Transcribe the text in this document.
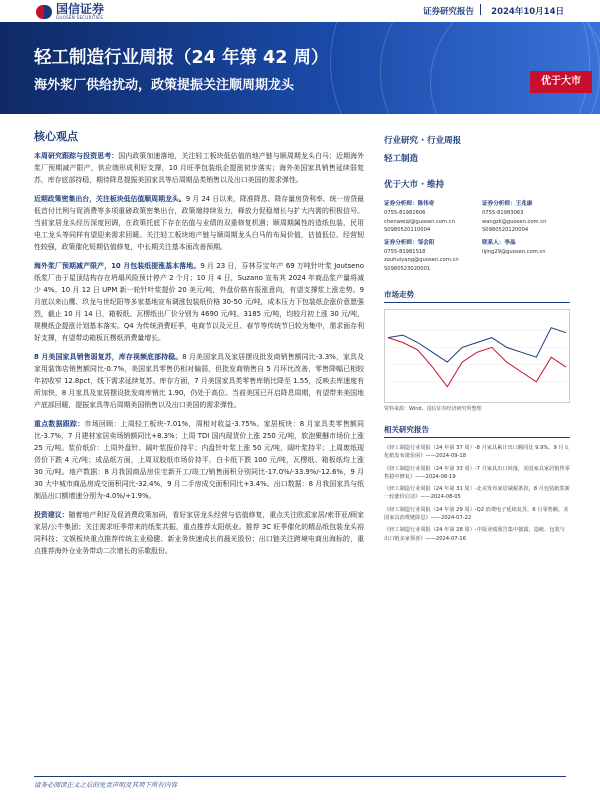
国信证券
GUOSEN SECURITIES
证券研究报告 2024年10月14日
轻工制造行业周报（24 年第 42 周）
海外浆厂供给扰动，政策提振关注顺周期龙头	优于大市
核心观点
本周研究跟踪与投资思考：国内政策加速落地，关注轻工板块低估值的地产链与顺周期龙头白马；近期海外浆厂预期减产限产，供应端形成利好支撑，10 月旺季包装纸企提涨初步落实；海外美国家具销售延续弱复苏，库存底部持稳，期待降息提振美国家具等后周期品类销售以及出口美国的需求弹性。
近期政策密集出台，关注板块低估值顺周期龙头。9 月 24 日以来，降准降息、降存量房贷利率、统一房贷最低首付比例与促消费等多项重磅政策密集出台，政策端持续发力，释放力促稳增长与扩大内需的积极信号。当前家居龙头经历深度回调，在政策托底下存在估值与业绩的双重修复机遇；顺周期属性的造纸包装、民用电工龙头等同样有望迎来需求回暖。关注轻工板块地产链与顺周期龙头白马的布局价值，估值低位、经营韧性较强，政策催化短期估值修复，中长期关注基本面改善预期。
海外浆厂预期减产限产，10 月包装纸提涨基本落地。9 月 23 日，芬林芬宝年产 69 万吨针叶浆 Joutseno 纸浆厂由于屋顶结构存在坍塌风险预计停产 2 个月；10 月 4 日，Suzano 宣布其 2024 年商品浆产量将减少 4%。10 月 12 日 UPM 新一轮针叶浆提价 20 美元/吨，外盘价格有报涨意向，有望支撑浆上涨走势。9 月底以来山鹰、玖龙与世纪阳等多家基地宣布调涨包装纸价格 30-50 元/吨，成本压力下包装纸企涨价意愿强烈，截止 10 月 14 日，箱板纸、瓦楞纸出厂价分别为 4690 元/吨、3185 元/吨，均较月初上涨 30 元/吨，规模纸企提涨计划基本落实。Q4 为传统消费旺季，电商节以及元旦、春节等传统节日较为集中，需求面存利好支撑，有望带动箱板瓦楞纸消费量增长。
8 月美国家具销售弱复苏，库存视频底部持稳。8 月美国家具及家居摆设批发商销售额同比-3.3%，家具及家用装饰店销售额同比-0.7%，美国家具零售仍相对偏弱，但批发商销售自 5 月环比改善，零售降幅已相较年初收窄 12.8pct，线下需求延续复苏。库存方面，7 月美国家具类零售库销比降至 1.55，反映去库速度有所加快，8 月家具及家居摆设批发商库销比 1.90，仍处于高位。当前美国已开启降息周期，有望带来美国地产底部回暖，提振家具等后周期美国销售以及出口美国的需求弹性。
重点数据跟踪：市场回顾：上周轻工板块-7.01%，周相对收益-3.75%。家居板块：8 月家具类零售额同比-3.7%，7 月建材家居卖场销额同比+8.3%；上周 TDI 国内现货价上涨 250 元/吨，软泡聚醚市场价上涨 25 元/吨。浆价纸价：上周外盘针、阔叶浆报价持平；内盘针叶浆上涨 50 元/吨，阔叶浆持平；上周废纸现货价下跌 4 元/吨；成品纸方面，上周双胶纸市场价持平，白卡纸下跌 100 元/吨，瓦楞纸、箱板纸均上涨 30 元/吨。地产数据：8 月我国商品房住宅新开工/竣工/销售面积分别同比-17.0%/-33.9%/-12.6%，9 月 30 大中城市商品房成交面积同比-32.4%，9 月二手房成交面积同比+3.4%。出口数据：8 月我国家具与纸制品出口额增速分别为-4.0%/+1.9%。
投资建议：随着地产利好及促消费政策加码，看好家居龙头经营与估值修复，重点关注欧派家居/索菲亚/顾家家居/公牛集团；关注需求旺季带来的纸浆共振，重点推荐太阳纸业。推荐 3C 旺季催化的精品纸包装龙头裕同科技；文娱板块重点推荐传统主业稳健、新业务快速成长的晨光股份；出口链关注跨境电商出海标的，重点推荐海外仓业务带动二次增长的乐歌股份。
行业研究 · 行业周报
轻工制造
优于大市 · 维持
证券分析师：陈伟奇
0755-81982606
chenweiqi@guosen.com.cn
S0980520110004
证券分析师：王兆康
0755-81983063
wangzk@guosen.com.cn
S0980520120004
证券分析师：邹会阳
0755-81981518
zouhuiyang@guosen.com.cn
S0980523020001
联系人：李晶
lijing29@guosen.com.cn
市场走势
资料来源：Wind、国信证券经济研究所整理
相关研究报告
《轻工制造行业周报（24 年第 37 周）-8 月家具累计出口额同比 9.9%，9 月文化纸发布涨价函》——2024-09-18
《轻工制造行业周报（24 年第 33 周）-7 月家具出口回落，美国家具家居销售零售稳中修复》——2024-08-19
《轻工制造行业周报（24 年第 31 周）-北美发布家居减税条款，8 月包装纸浆新一轮涨价启动》——2024-08-05
《轻工制造行业周报（24 年第 29 周）-Q2 消费电子延续复苏，6 月零售额，美国家具消费链降息》——2024-07-22
《轻工制造行业周报（24 年第 28 周）-中报业绩预告集中披露，造纸、包装与出口链多家预喜》——2024-07-16
请务必阅读正文之后的免责声明及其项下所有内容
